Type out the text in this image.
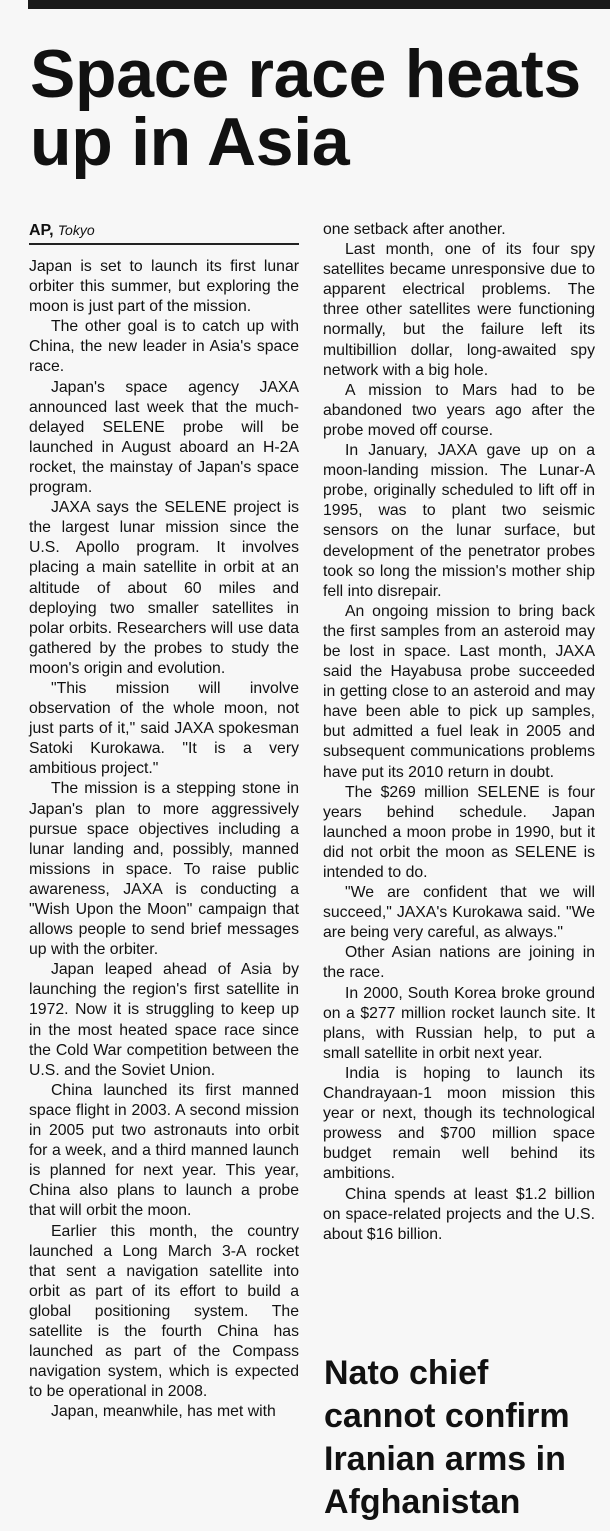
Space race heats up in Asia
AP, Tokyo

Japan is set to launch its first lunar orbiter this summer, but exploring the moon is just part of the mission.

The other goal is to catch up with China, the new leader in Asia's space race.

Japan's space agency JAXA announced last week that the much-delayed SELENE probe will be launched in August aboard an H-2A rocket, the mainstay of Japan's space program.

JAXA says the SELENE project is the largest lunar mission since the U.S. Apollo program. It involves placing a main satellite in orbit at an altitude of about 60 miles and deploying two smaller satellites in polar orbits. Researchers will use data gathered by the probes to study the moon's origin and evolution.

"This mission will involve observation of the whole moon, not just parts of it," said JAXA spokesman Satoki Kurokawa. "It is a very ambitious project."

The mission is a stepping stone in Japan's plan to more aggressively pursue space objectives including a lunar landing and, possibly, manned missions in space. To raise public awareness, JAXA is conducting a "Wish Upon the Moon" campaign that allows people to send brief messages up with the orbiter.

Japan leaped ahead of Asia by launching the region's first satellite in 1972. Now it is struggling to keep up in the most heated space race since the Cold War competition between the U.S. and the Soviet Union.

China launched its first manned space flight in 2003. A second mission in 2005 put two astronauts into orbit for a week, and a third manned launch is planned for next year. This year, China also plans to launch a probe that will orbit the moon.

Earlier this month, the country launched a Long March 3-A rocket that sent a navigation satellite into orbit as part of its effort to build a global positioning system. The satellite is the fourth China has launched as part of the Compass navigation system, which is expected to be operational in 2008.

Japan, meanwhile, has met with

one setback after another.

Last month, one of its four spy satellites became unresponsive due to apparent electrical problems. The three other satellites were functioning normally, but the failure left its multibillion dollar, long-awaited spy network with a big hole.

A mission to Mars had to be abandoned two years ago after the probe moved off course.

In January, JAXA gave up on a moon-landing mission. The Lunar-A probe, originally scheduled to lift off in 1995, was to plant two seismic sensors on the lunar surface, but development of the penetrator probes took so long the mission's mother ship fell into disrepair.

An ongoing mission to bring back the first samples from an asteroid may be lost in space. Last month, JAXA said the Hayabusa probe succeeded in getting close to an asteroid and may have been able to pick up samples, but admitted a fuel leak in 2005 and subsequent communications problems have put its 2010 return in doubt.

The $269 million SELENE is four years behind schedule. Japan launched a moon probe in 1990, but it did not orbit the moon as SELENE is intended to do.

"We are confident that we will succeed," JAXA's Kurokawa said. "We are being very careful, as always."

Other Asian nations are joining in the race.

In 2000, South Korea broke ground on a $277 million rocket launch site. It plans, with Russian help, to put a small satellite in orbit next year.

India is hoping to launch its Chandrayaan-1 moon mission this year or next, though its technological prowess and $700 million space budget remain well behind its ambitions.

China spends at least $1.2 billion on space-related projects and the U.S. about $16 billion.

Nato chief cannot confirm Iranian arms in Afghanistan
